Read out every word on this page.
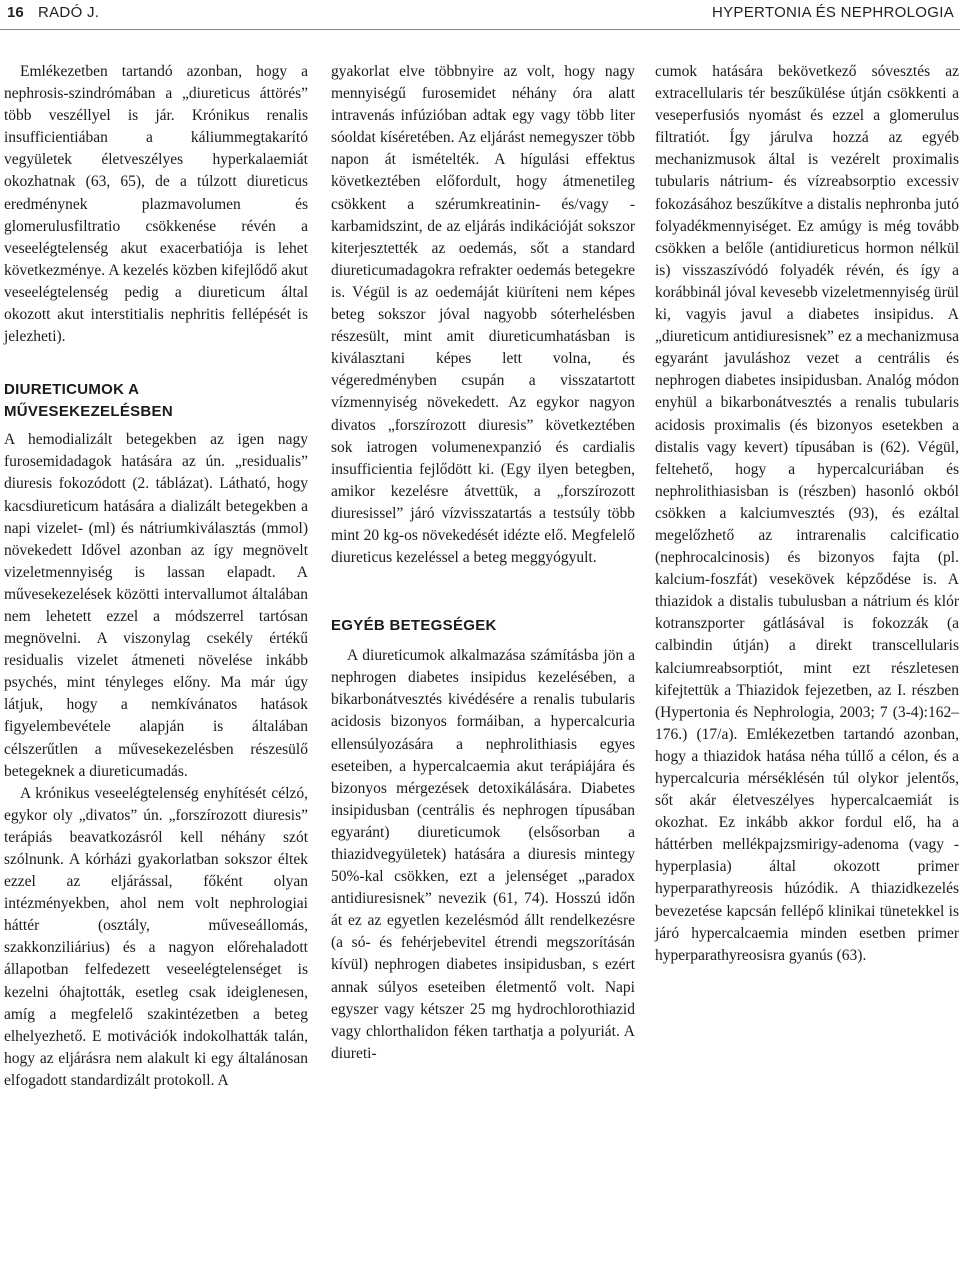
16 RADÓ J.	HYPERTONIA ÉS NEPHROLOGIA

Emlékezetben tartandó azonban, hogy a nephrosis-szindrómában a „diureticus áttörés” több veszéllyel is jár. Krónikus renalis insufficientiában a káliummegtakarító vegyületek életveszélyes hyperkalaemiát okozhatnak (63, 65), de a túlzott diureticus eredménynek plazmavolumen és glomerulusfiltratio csökkenése révén a veseelégtelenség akut exacerbatiója is lehet következménye. A kezelés közben kifejlődő akut veseelégtelenség pedig a diureticum által okozott akut interstitialis nephritis fellépését is jelezheti).

DIURETICUMOK A MŰVESEKEZELÉSBEN

A hemodializált betegekben az igen nagy furosemidadagok hatására az ún. „residualis” diuresis fokozódott (2. táblázat). Látható, hogy kacsdiureticum hatására a dializált betegekben a napi vizelet- (ml) és nátriumkiválasztás (mmol) növekedett Idővel azonban az így megnövelt vizeletmennyiség is lassan elapadt. A művesekezelések közötti intervallumot általában nem lehetett ezzel a módszerrel tartósan megnövelni. A viszonylag csekély értékű residualis vizelet átmeneti növelése inkább psychés, mint tényleges előny. Ma már úgy látjuk, hogy a nemkívánatos hatások figyelembevétele alapján is általában célszerűtlen a művesekezelésben részesülő betegeknek a diureticumadás.

A krónikus veseelégtelenség enyhítését célzó, egykor oly „divatos” ún. „forszírozott diuresis” terápiás beavatkozásról kell néhány szót szólnunk. A kórházi gyakorlatban sokszor éltek ezzel az eljárással, főként olyan intézményekben, ahol nem volt nephrologiai háttér (osztály, műveseállomás, szakkonziliárius) és a nagyon előrehaladott állapotban felfedezett veseelégtelenséget is kezelni óhajtották, esetleg csak ideiglenesen, amíg a megfelelő szakintézetben a beteg elhelyezhető. E motivációk indokolhatták talán, hogy az eljárásra nem alakult ki egy általánosan elfogadott standardizált protokoll. A

gyakorlat elve többnyire az volt, hogy nagy mennyiségű furosemidet néhány óra alatt intravenás infúzióban adtak egy vagy több liter sóoldat kíséretében. Az eljárást nemegyszer több napon át ismételték. A hígulási effektus következtében előfordult, hogy átmenetileg csökkent a szérumkreatinin- és/vagy -karbamidszint, de az eljárás indikációját sokszor kiterjesztették az oedemás, sőt a standard diureticumadagokra refrakter oedemás betegekre is. Végül is az oedemáját kiüríteni nem képes beteg sokszor jóval nagyobb sóterhelésben részesült, mint amit diureticumhatásban is kiválasztani képes lett volna, és végeredményben csupán a visszatartott vízmennyiség növekedett. Az egykor nagyon divatos „forszírozott diuresis” következtében sok iatrogen volumenexpanzió és cardialis insufficientia fejlődött ki. (Egy ilyen betegben, amikor kezelésre átvettük, a „forszírozott diuresissel” járó vízvisszatartás a testsúly több mint 20 kg-os növekedését idézte elő. Megfelelő diureticus kezeléssel a beteg meggyógyult.

EGYÉB BETEGSÉGEK

A diureticumok alkalmazása számításba jön a nephrogen diabetes insipidus kezelésében, a bikarbonátvesztés kivédésére a renalis tubularis acidosis bizonyos formáiban, a hypercalcuria ellensúlyozására a nephrolithiasis egyes eseteiben, a hypercalcaemia akut terápiájára és bizonyos mérgezések detoxikálására. Diabetes insipidusban (centrális és nephrogen típusában egyaránt) diureticumok (elsősorban a thiazidvegyületek) hatására a diuresis mintegy 50%-kal csökken, ezt a jelenséget „paradox antidiuresisnek” nevezik (61, 74). Hosszú időn át ez az egyetlen kezelésmód állt rendelkezésre (a só- és fehérjebevitel étrendi megszorításán kívül) nephrogen diabetes insipidusban, s ezért annak súlyos eseteiben életmentő volt. Napi egyszer vagy kétszer 25 mg hydrochlorothiazid vagy chlorthalidon féken tarthatja a polyuriát. A diureti-

cumok hatására bekövetkező sóvesztés az extracellularis tér beszűkülése útján csökkenti a veseperfusiós nyomást és ezzel a glomerulus filtratiót. Így járulva hozzá az egyéb mechanizmusok által is vezérelt proximalis tubularis nátrium- és vízreabsorptio excessiv fokozásához beszűkítve a distalis nephronba jutó folyadékmennyiséget. Ez amúgy is még tovább csökken a belőle (antidiureticus hormon nélkül is) visszaszívódó folyadék révén, és így a korábbinál jóval kevesebb vizeletmennyiség ürül ki, vagyis javul a diabetes insipidus. A „diureticum antidiuresisnek” ez a mechanizmusa egyaránt javuláshoz vezet a centrális és nephrogen diabetes insipidusban. Analóg módon enyhül a bikarbonátvesztés a renalis tubularis acidosis proximalis (és bizonyos esetekben a distalis vagy kevert) típusában is (62). Végül, feltehető, hogy a hypercalcuriában és nephrolithiasisban is (részben) hasonló okból csökken a kalciumvesztés (93), és ezáltal megelőzhető az intrarenalis calcificatio (nephrocalcinosis) és bizonyos fajta (pl. kalcium-foszfát) vesekövek képződése is. A thiazidok a distalis tubulusban a nátrium és klór kotranszporter gátlásával is fokozzák (a calbindin útján) a direkt transcellularis kalciumreabsorptiót, mint ezt részletesen kifejtettük a Thiazidok fejezetben, az I. részben (Hypertonia és Nephrologia, 2003; 7 (3-4):162–176.) (17/a). Emlékezetben tartandó azonban, hogy a thiazidok hatása néha túllő a célon, és a hypercalcuria mérséklésén túl olykor jelentős, sőt akár életveszélyes hypercalcaemiát is okozhat. Ez inkább akkor fordul elő, ha a háttérben mellékpajzsmirigy-adenoma (vagy -hyperplasia) által okozott primer hyperparathyreosis húzódik. A thiazidkezelés bevezetése kapcsán fellépő klinikai tünetekkel is járó hypercalcaemia minden esetben primer hyperparathyreosisra gyanús (63).
